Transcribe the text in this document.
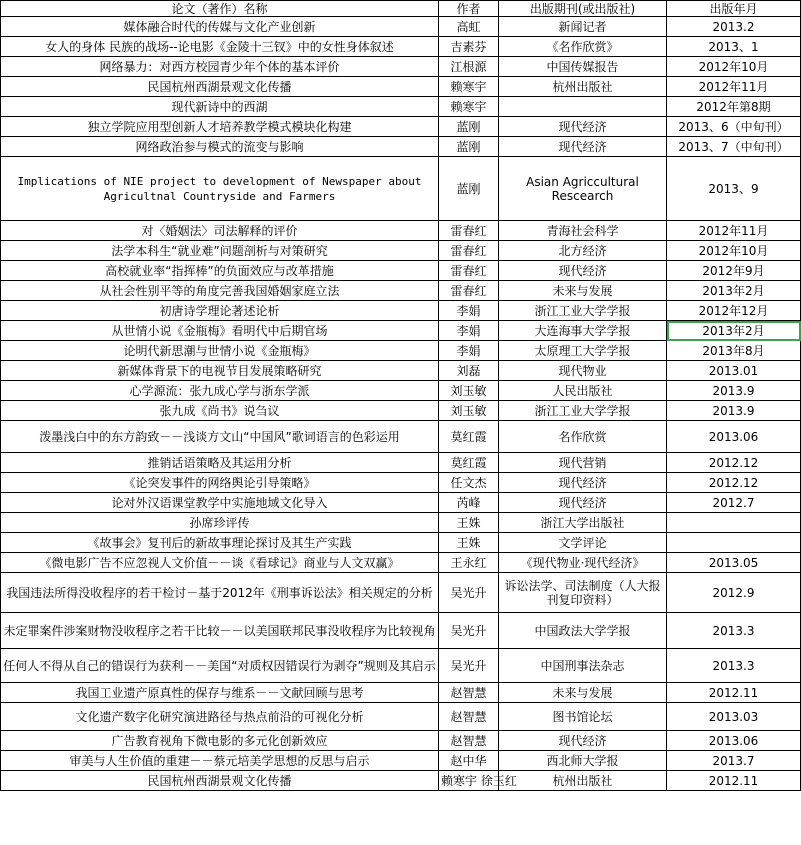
论文（著作）名称	作者	出版期刊(或出版社)	出版年月
媒体融合时代的传媒与文化产业创新	高虹	新闻记者	2013.2
女人的身体 民族的战场--论电影《金陵十三钗》中的女性身体叙述	吉素芬	《名作欣赏》	2013、1
网络暴力：对西方校园青少年个体的基本评价	江根源	中国传媒报告	2012年10月
民国杭州西湖景观文化传播	赖寒宇	杭州出版社	2012年11月
现代新诗中的西湖	赖寒宇		2012年第8期
独立学院应用型创新人才培养教学模式模块化构建	蓝刚	现代经济	2013、6（中旬刊）
网络政治参与模式的流变与影响	蓝刚	现代经济	2013、7（中旬刊）
Implications of NIE project to development of Newspaper about Agricultnal Countryside and Farmers	蓝刚	Asian Agriccultural Rescearch	2013、9
对〈婚姻法〉司法解释的评价	雷春红	青海社会科学	2012年11月
法学本科生“就业难”问题剖析与对策研究	雷春红	北方经济	2012年10月
高校就业率“指挥棒”的负面效应与改革措施	雷春红	现代经济	2012年9月
从社会性别平等的角度完善我国婚姻家庭立法	雷春红	未来与发展	2013年2月
初唐诗学理论著述论析	李娟	浙江工业大学学报	2012年12月
从世情小说《金瓶梅》看明代中后期官场	李娟	大连海事大学学报	2013年2月
论明代新思潮与世情小说《金瓶梅》	李娟	太原理工大学学报	2013年8月
新媒体背景下的电视节目发展策略研究	刘磊	现代物业	2013.01
心学源流：张九成心学与浙东学派	刘玉敏	人民出版社	2013.9
张九成《尚书》说刍议	刘玉敏	浙江工业大学学报	2013.9
泼墨浅白中的东方韵致－－浅谈方文山“中国风”歌词语言的色彩运用	莫红霞	名作欣赏	2013.06
推销话语策略及其运用分析	莫红霞	现代营销	2012.12
《论突发事件的网络舆论引导策略》	任文杰	现代经济	2012.12
论对外汉语课堂教学中实施地域文化导入	芮峰	现代经济	2012.7
孙席珍评传	王姝	浙江大学出版社	
《故事会》复刊后的新故事理论探讨及其生产实践	王姝	文学评论	
《微电影广告不应忽视人文价值－－谈《看球记》商业与人文双赢》	王永红	《现代物业·现代经济》	2013.05
我国违法所得没收程序的若干检讨－基于2012年《刑事诉讼法》相关规定的分析	吴光升	诉讼法学、司法制度（人大报刊复印资料）	2012.9
未定罪案件涉案财物没收程序之若干比较－－以美国联邦民事没收程序为比较视角	吴光升	中国政法大学学报	2013.3
任何人不得从自己的错误行为获利－－美国“对质权因错误行为剥夺”规则及其启示	吴光升	中国刑事法杂志	2013.3
我国工业遗产原真性的保存与维系－－文献回顾与思考	赵智慧	未来与发展	2012.11
文化遗产数字化研究演进路径与热点前沿的可视化分析	赵智慧	图书馆论坛	2013.03
广告教育视角下微电影的多元化创新效应	赵智慧	现代经济	2013.06
审美与人生价值的重建－－蔡元培美学思想的反思与启示	赵中华	西北师大学报	2013.7
民国杭州西湖景观文化传播	赖寒宇 徐玉红	杭州出版社	2012.11
